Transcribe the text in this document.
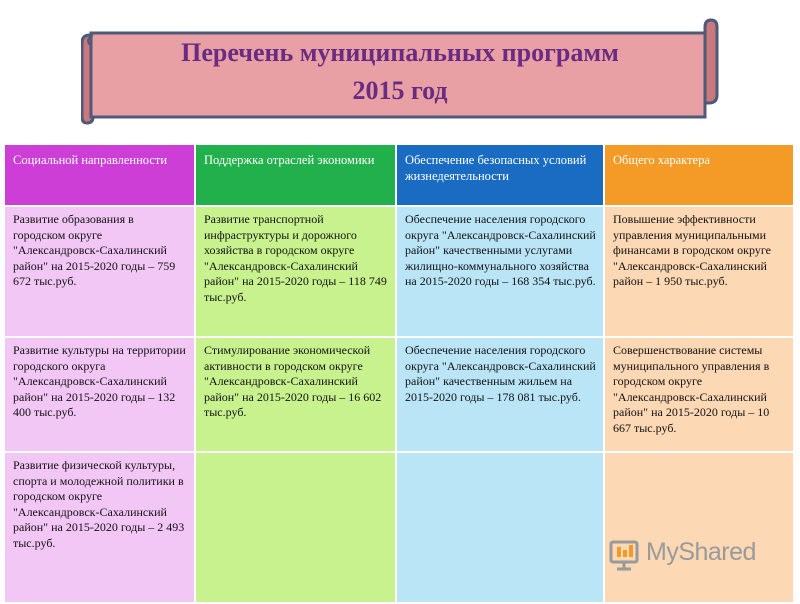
Перечень муниципальных программ
2015 год
Социальной направленности	Поддержка отраслей экономики	Обеспечение безопасных условий жизнедеятельности	Общего характера
Развитие образования в городском округе "Александровск-Сахалинский район" на 2015-2020 годы – 759 672 тыс.руб.	Развитие транспортной инфраструктуры и дорожного хозяйства в городском округе "Александровск-Сахалинский район" на 2015-2020 годы – 118 749 тыс.руб.	Обеспечение населения городского округа "Александровск-Сахалинский район" качественными услугами жилищно-коммунального хозяйства на 2015-2020 годы – 168 354 тыс.руб.	Повышение эффективности управления муниципальными финансами в городском округе "Александровск-Сахалинский район – 1 950 тыс.руб.
Развитие культуры на территории городского округа "Александровск-Сахалинский район" на 2015-2020 годы – 132 400 тыс.руб.	Стимулирование экономической активности в городском округе "Александровск-Сахалинский район" на 2015-2020 годы – 16 602 тыс.руб.	Обеспечение населения городского округа "Александровск-Сахалинский район" качественным жильем на 2015-2020 годы – 178 081 тыс.руб.	Совершенствование системы муниципального управления в городском округе "Александровск-Сахалинский район" на 2015-2020 годы – 10 667 тыс.руб.
Развитие физической культуры, спорта и молодежной политики в городском округе "Александровск-Сахалинский район" на 2015-2020 годы – 2 493 тыс.руб.				MyShared
